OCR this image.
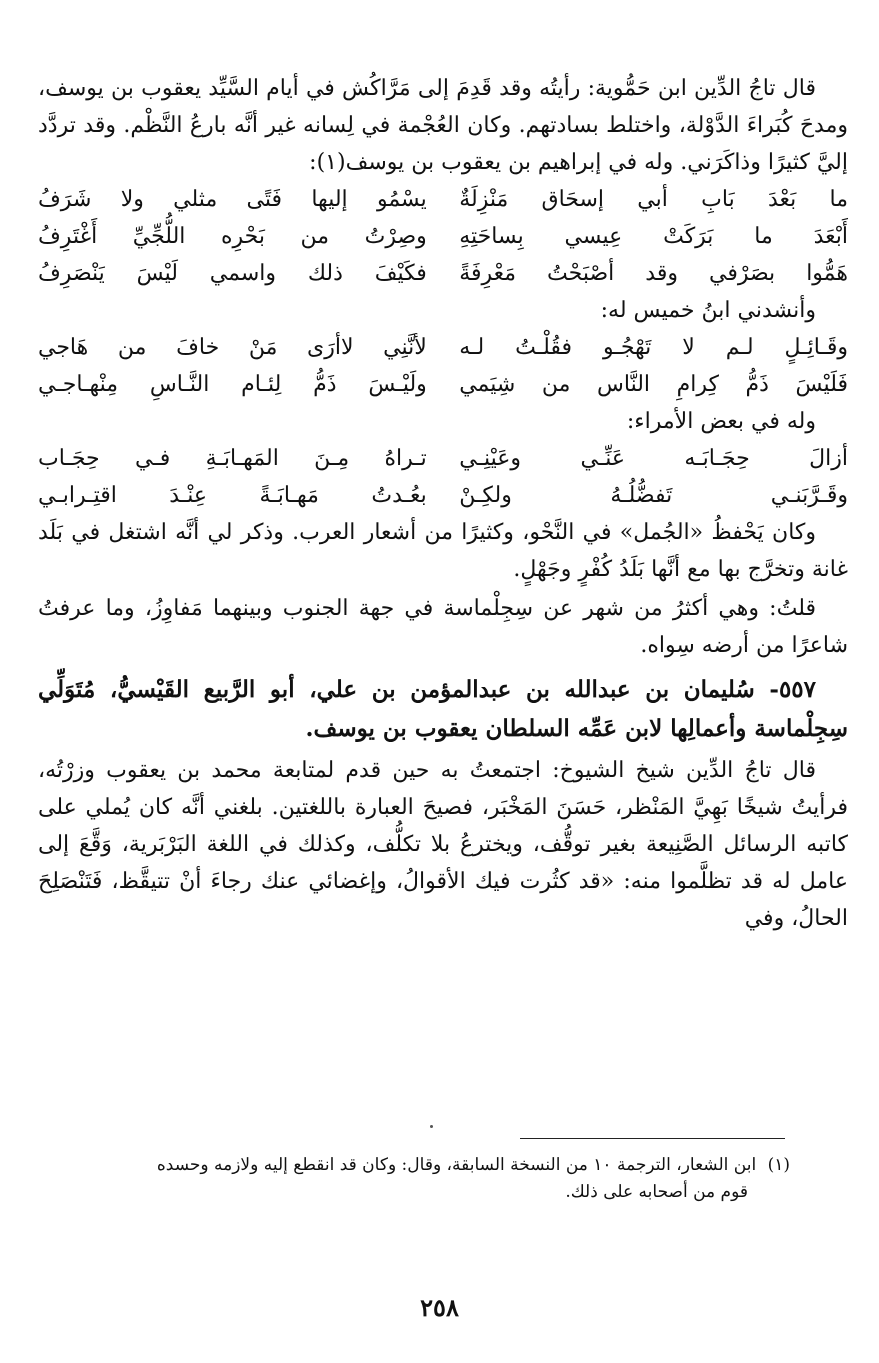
قال تاجُ الدِّين ابن حَمُّوية: رأيتُه وقد قَدِمَ إلى مَرَّاكُش في أيام السَّيِّد يعقوب بن يوسف، ومدحَ كُبَراءَ الدَّوْلة، واختلط بسادتهم. وكان العُجْمة في لِسانه غير أنَّه بارعُ النَّظْم. وقد تردَّد إليَّ كثيرًا وذاكَرَني. وله في إبراهيم بن يعقوب بن يوسف(١):

ما بَعْدَ بَابِ أبي إسحَاق مَنْزِلَةٌ
يسْمُو إليها فَتًى مثلي ولا شَرَفُ
أَبْعَدَ ما بَرَكَتْ عِيسي بِساحَتِهِ
وصِرْتُ من بَحْرِه اللُّجِّيِّ أَغْتَرِفُ
هَمُّوا بصَرْفي وقد أصْبَحْتُ مَعْرِفَةً
فكَيْفَ ذلك واسمي لَيْسَ يَنْصَرِفُ

وأنشدني ابنُ خميس له:

وقَـائِـلٍ لـم لا تَهْجُـو فقُلْـتُ لـه
لأنَّنِي لاأرَى مَنْ خافَ من هَاجي
فَلَيْسَ ذَمُّ كِرامِ النَّاس من شِيَمي
ولَيْـسَ ذَمُّ لِئـام النَّـاسِ مِنْهـاجـي

وله في بعض الأمراء:

أزالَ حِجَـابَـه عَنِّـي وعَيْنِـي
تـراهُ مِـنَ المَهـابَـةِ فـي حِجَـاب
وقَـرَّبَنـي تَفضُّلُـهُ ولكِـنْ
بعُـدتُ مَهـابَـةً عِنْـدَ اقتِـرابـي

وكان يَحْفظُ «الجُمل» في النَّحْو، وكثيرًا من أشعار العرب. وذكر لي أنَّه اشتغل في بَلَد غانة وتخرَّج بها مع أنَّها بَلَدُ كُفْرٍ وجَهْلٍ.

قلتُ: وهي أكثرُ من شهر عن سِجِلْماسة في جهة الجنوب وبينهما مَفاوِزُ، وما عرفتُ شاعرًا من أرضه سِواه.

٥٥٧- سُليمان بن عبدالله بن عبدالمؤمن بن علي، أبو الرَّبيع القَيْسيُّ، مُتَوَلِّي سِجِلْماسة وأعمالِها لابن عَمِّه السلطان يعقوب بن يوسف.

قال تاجُ الدِّين شيخ الشيوخ: اجتمعتُ به حين قدم لمتابعة محمد بن يعقوب وزرْتُه، فرأيتُ شيخًا بَهِيَّ المَنْظر، حَسَنَ المَخْبَر، فصيحَ العبارة باللغتين. بلغني أنَّه كان يُملي على كاتبه الرسائل الصَّنِيعة بغير توقُّف، ويخترعُ بلا تكلُّف، وكذلك في اللغة البَرْبَرية، وَقَّعَ إلى عامل له قد تظلَّموا منه: «قد كثُرت فيك الأقوالُ، وإغضائي عنك رجاءَ أنْ تتيقَّظ، فَتَنْصَلِحَ الحالُ، وفي

(١) ابن الشعار، الترجمة ١٠ من النسخة السابقة، وقال: وكان قد انقطع إليه ولازمه وحسده
قوم من أصحابه على ذلك.
٢٥٨
